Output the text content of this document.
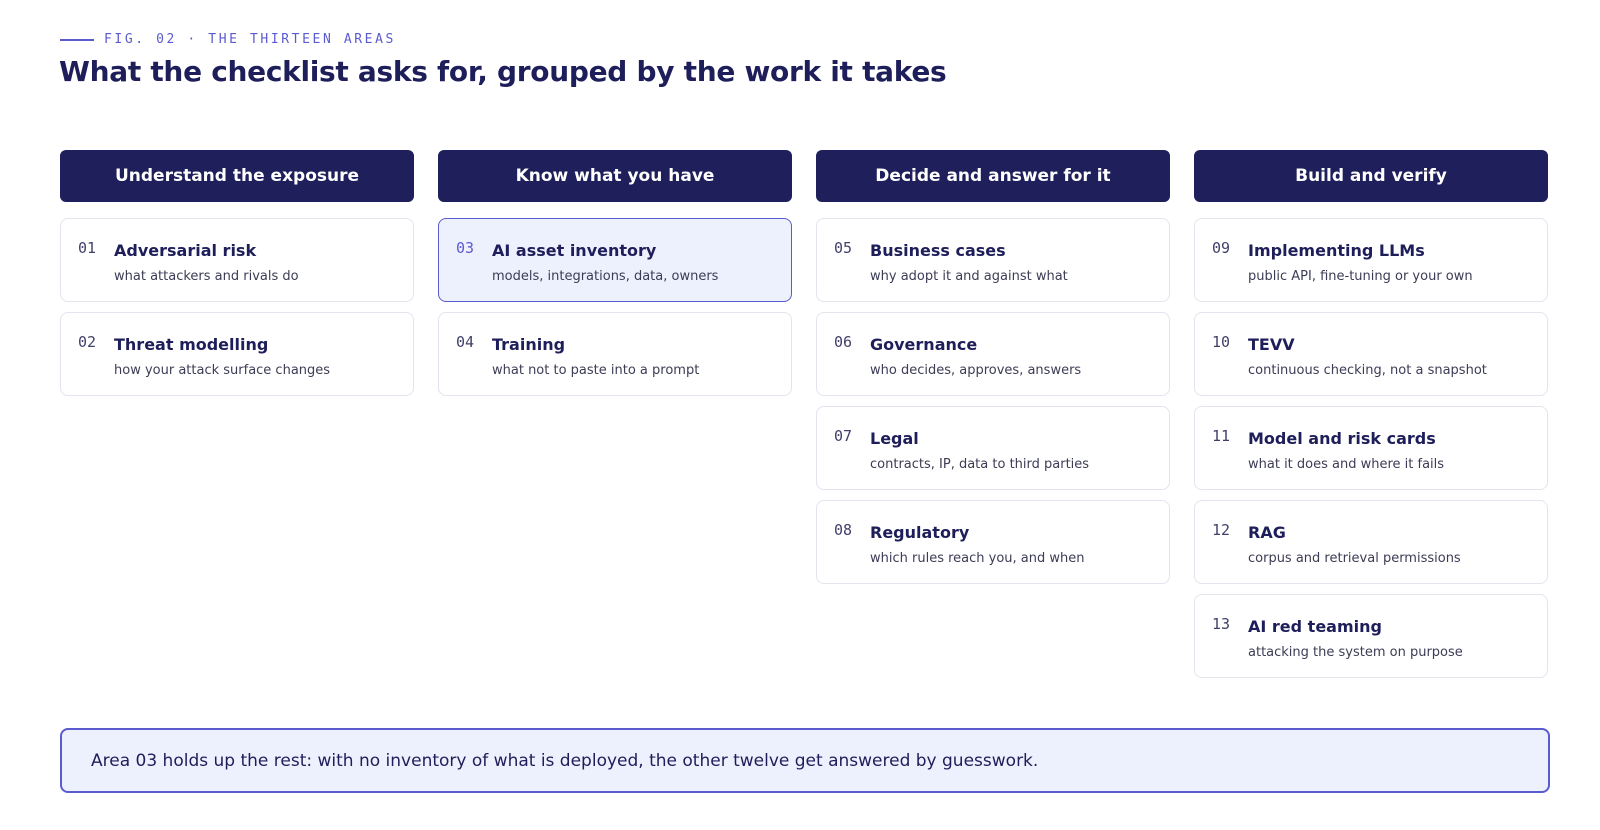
FIG. 02 · THE THIRTEEN AREAS
What the checklist asks for, grouped by the work it takes
Understand the exposure
01	Adversarial risk
what attackers and rivals do
02	Threat modelling
how your attack surface changes
Know what you have
03	AI asset inventory
models, integrations, data, owners
04	Training
what not to paste into a prompt
Decide and answer for it
05	Business cases
why adopt it and against what
06	Governance
who decides, approves, answers
07	Legal
contracts, IP, data to third parties
08	Regulatory
which rules reach you, and when
Build and verify
09	Implementing LLMs
public API, fine-tuning or your own
10	TEVV
continuous checking, not a snapshot
11	Model and risk cards
what it does and where it fails
12	RAG
corpus and retrieval permissions
13	AI red teaming
attacking the system on purpose
Area 03 holds up the rest: with no inventory of what is deployed, the other twelve get answered by guesswork.
